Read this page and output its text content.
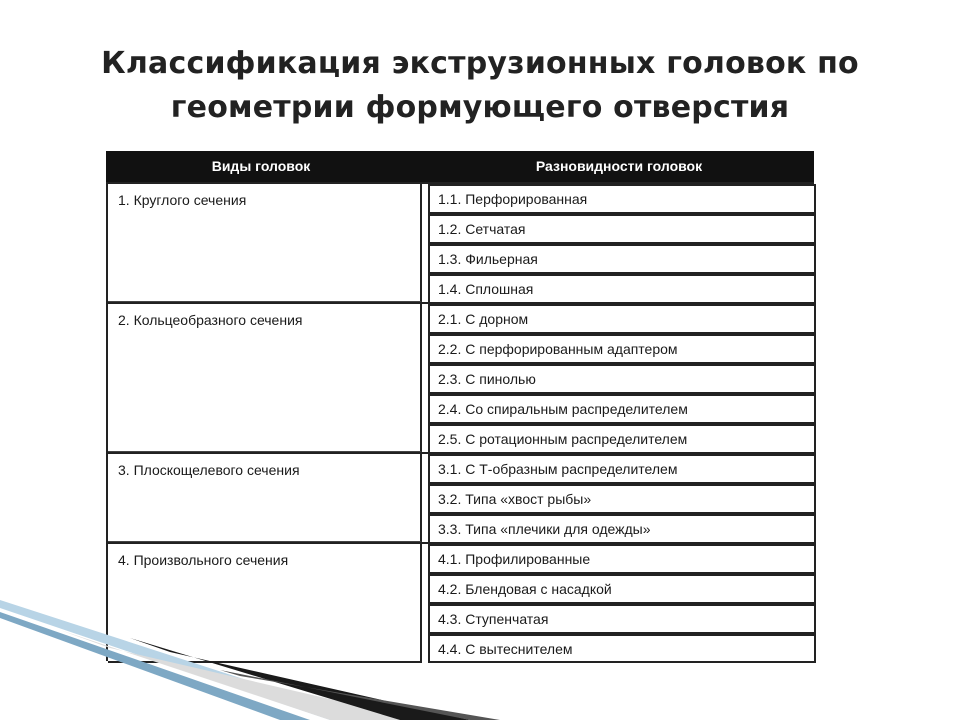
Классификация экструзионных головок по
геометрии формующего отверстия
Виды головок	Разновидности головок
1. Круглого сечения	1.1. Перфорированная
1.2. Сетчатая
1.3. Фильерная
1.4. Сплошная
2. Кольцеобразного сечения	2.1. С дорном
2.2. С перфорированным адаптером
2.3. С пинолью
2.4. Со спиральным распределителем
2.5. С ротационным распределителем
3. Плоскощелевого сечения	3.1. С Т-образным распределителем
3.2. Типа «хвост рыбы»
3.3. Типа «плечики для одежды»
4. Произвольного сечения	4.1. Профилированные
4.2. Блендовая с насадкой
4.3. Ступенчатая
4.4. С вытеснителем
